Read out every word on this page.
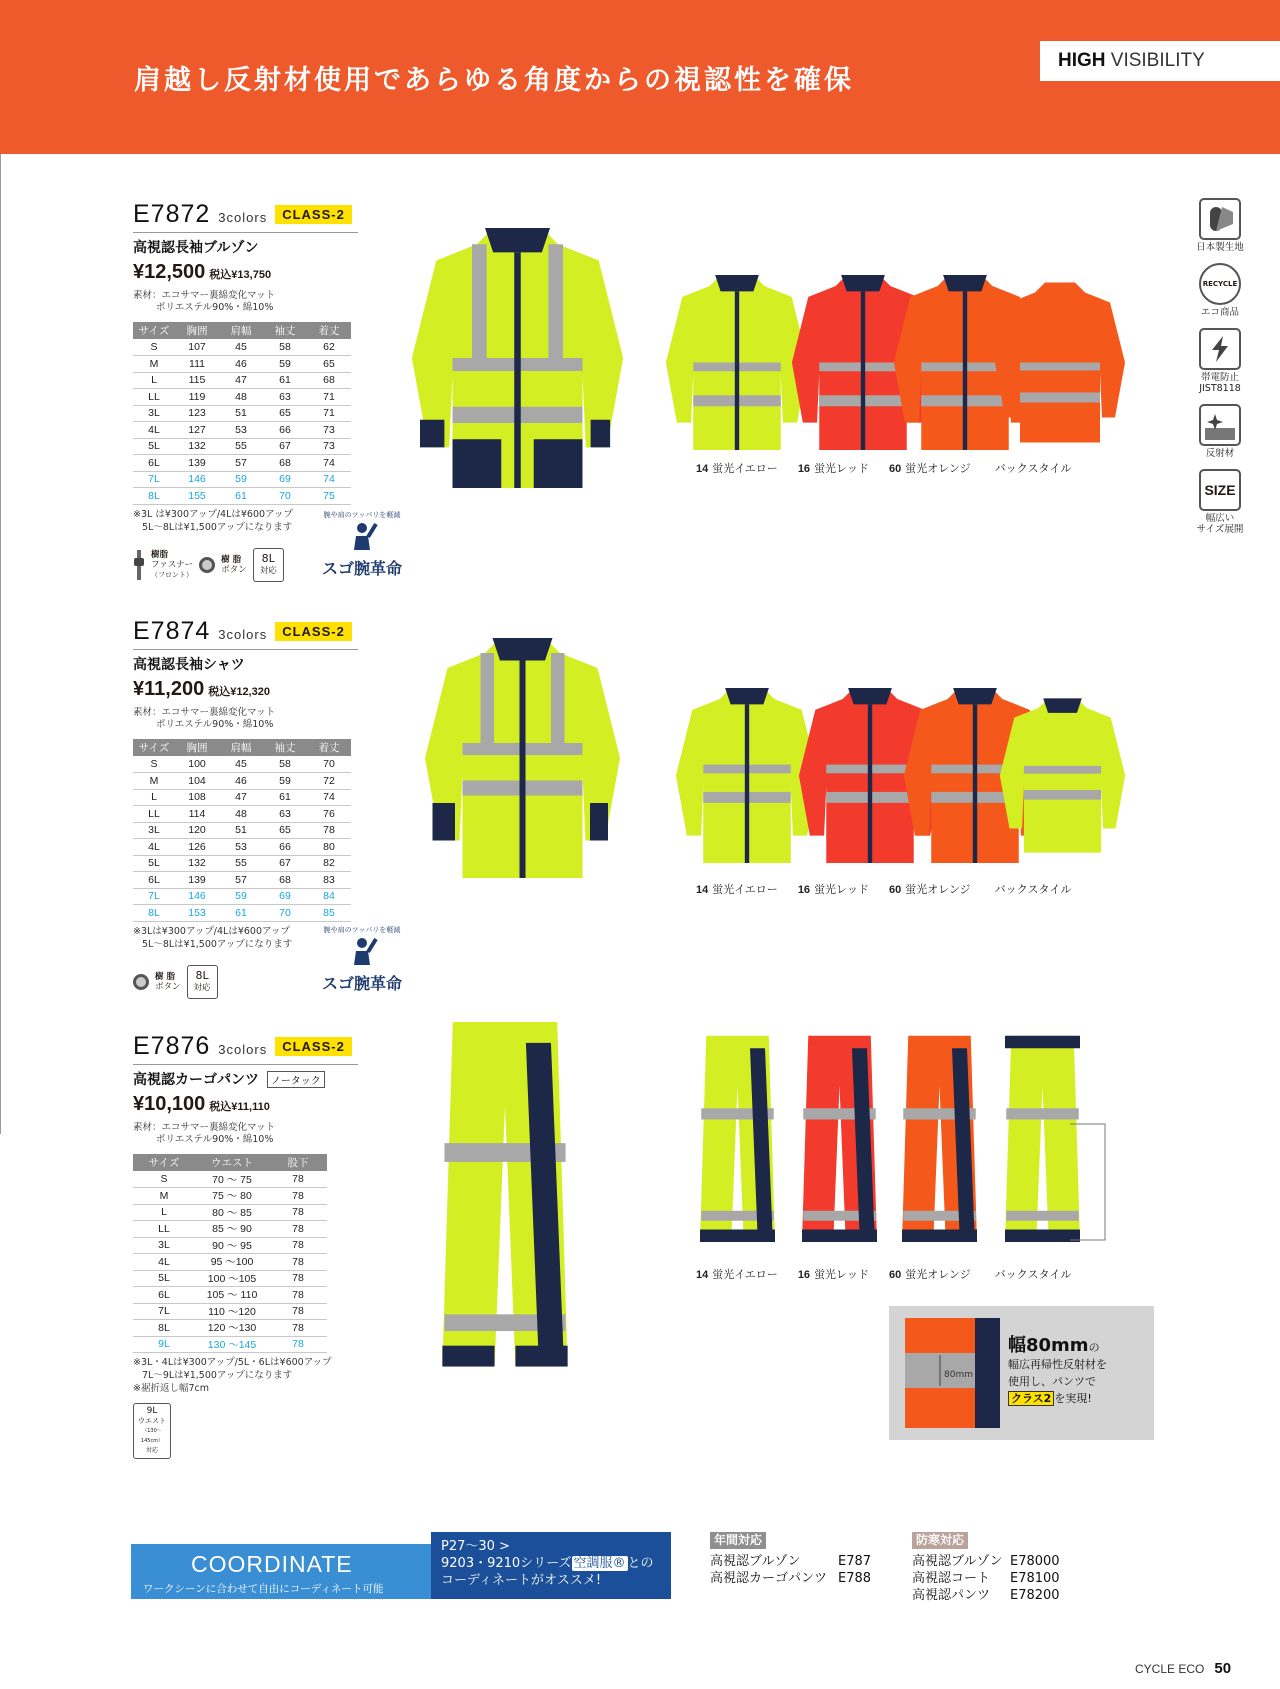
肩越し反射材使用であらゆる角度からの視認性を確保
HIGH VISIBILITY
E7872 3colors	CLASS-2
高視認長袖ブルゾン
¥12,500 税込¥13,750
素材：エコサマー裏綿変化マット
ポリエステル90%・綿10%
サイズ	胸囲	肩幅	袖丈	着丈
S	107	45	58	62
M	111	46	59	65
L	115	47	61	68
LL	119	48	63	71
3L	123	51	65	71
4L	127	53	66	73
5L	132	55	67	73
6L	139	57	68	74
7L	146	59	69	74
8L	155	61	70	75
※3L は¥300アップ/4Lは¥600アップ
5L〜8Lは¥1,500アップになります
樹脂
ファスナー
（フロント）
樹 脂
ボタン
8L
対応
腕や肩のツッパリを軽減
スゴ腕革命
14 蛍光イエロー 16 蛍光レッド 60 蛍光オレンジ	バックスタイル
E7874 3colors	CLASS-2
高視認長袖シャツ
¥11,200 税込¥12,320
素材：エコサマー裏綿変化マット
ポリエステル90%・綿10%
サイズ	胸囲	肩幅	袖丈	着丈
S	100	45	58	70
M	104	46	59	72
L	108	47	61	74
LL	114	48	63	76
3L	120	51	65	78
4L	126	53	66	80
5L	132	55	67	82
6L	139	57	68	83
7L	146	59	69	84
8L	153	61	70	85
※3Lは¥300アップ/4Lは¥600アップ
5L〜8Lは¥1,500アップになります
樹 脂
ボタン
8L
対応
腕や肩のツッパリを軽減
スゴ腕革命
14 蛍光イエロー 16 蛍光レッド 60 蛍光オレンジ	バックスタイル
E7876 3colors	CLASS-2
高視認カーゴパンツ	ノータック
¥10,100 税込¥11,110
素材：エコサマー裏綿変化マット
ポリエステル90%・綿10%
サイズ	ウエスト	股下
S	70 〜 75	78
M	75 〜 80	78
L	80 〜 85	78
LL	85 〜 90	78
3L	90 〜 95	78
4L	95 〜100	78
5L	100 〜105	78
6L	105 〜 110	78
7L	110 〜120	78
8L	120 〜130	78
9L	130 〜145	78
※3L・4Lは¥300アップ/5L・6Lは¥600アップ
7L〜9Lは¥1,500アップになります
※裾折返し幅7cm
9L
ウエスト
（130〜145cm）
対応
14 蛍光イエロー 16 蛍光レッド 60 蛍光オレンジ	バックスタイル
80mm
幅80mmの
幅広再帰性反射材を
使用し、パンツで
クラス2 を実現!
日本製生地
RECYCLE
エコ商品
帯電防止
JIST8118
反射材
SIZE
幅広い
サイズ展開
COORDINATE
ワークシーンに合わせて自由にコーディネート可能
P27〜30 >
9203・9210シリーズ 空調服® との
コーディネートがオススメ!
年間対応
高視認ブルゾン	E787
高視認カーゴパンツ E788
防寒対応
高視認ブルゾン E78000
高視認コート	E78100
高視認パンツ	E78200
CYCLE ECO 50
